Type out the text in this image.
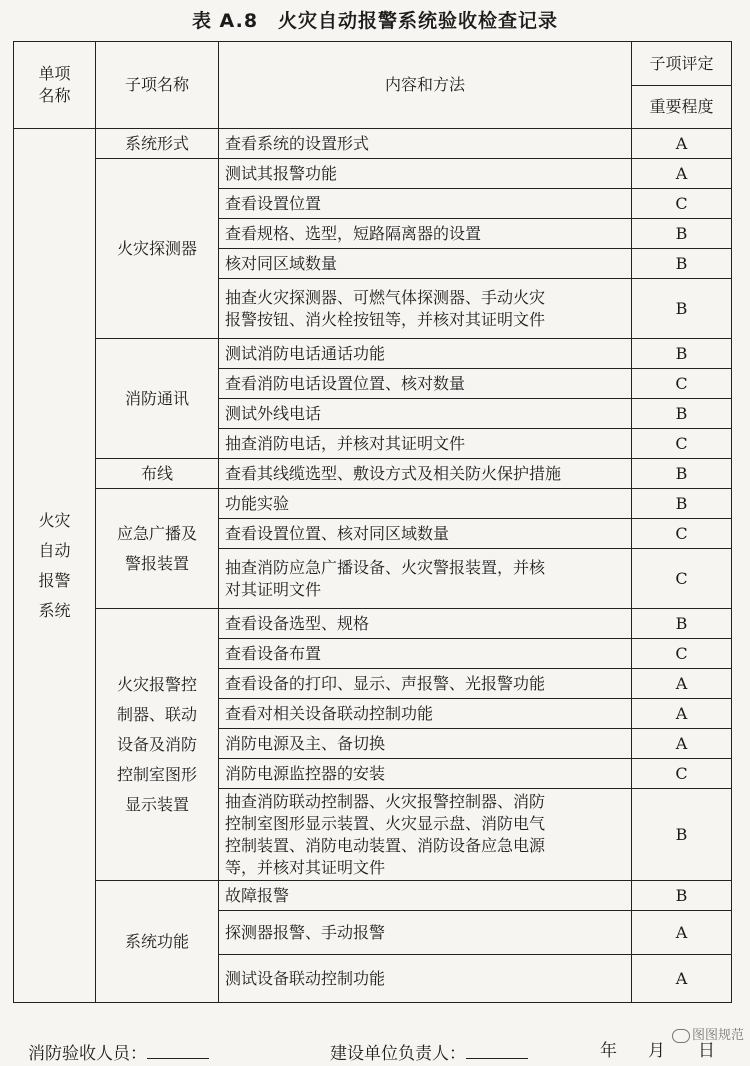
表 A.8　火灾自动报警系统验收检查记录
单项
名称	子项名称	内容和方法	子项评定
			重要程度
火灾
自动
报警
系统	系统形式	查看系统的设置形式	A
	火灾探测器	测试其报警功能	A
		查看设置位置	C
		查看规格、选型，短路隔离器的设置	B
		核对同区域数量	B
		抽查火灾探测器、可燃气体探测器、手动火灾
报警按钮、消火栓按钮等，并核对其证明文件	B
	消防通讯	测试消防电话通话功能	B
		查看消防电话设置位置、核对数量	C
		测试外线电话	B
		抽查消防电话，并核对其证明文件	C
	布线	查看其线缆选型、敷设方式及相关防火保护措施	B
	应急广播及
警报装置	功能实验	B
		查看设置位置、核对同区域数量	C
		抽查消防应急广播设备、火灾警报装置，并核
对其证明文件	C
	火灾报警控
制器、联动
设备及消防
控制室图形
显示装置	查看设备选型、规格	B
		查看设备布置	C
		查看设备的打印、显示、声报警、光报警功能	A
		查看对相关设备联动控制功能	A
		消防电源及主、备切换	A
		消防电源监控器的安装	C
		抽查消防联动控制器、火灾报警控制器、消防
控制室图形显示装置、火灾显示盘、消防电气
控制装置、消防电动装置、消防设备应急电源
等，并核对其证明文件	B
	系统功能	故障报警	B
		探测器报警、手动报警	A
		测试设备联动控制功能	A
图图规范
消防验收人员：	建设单位负责人：	年 月 日
